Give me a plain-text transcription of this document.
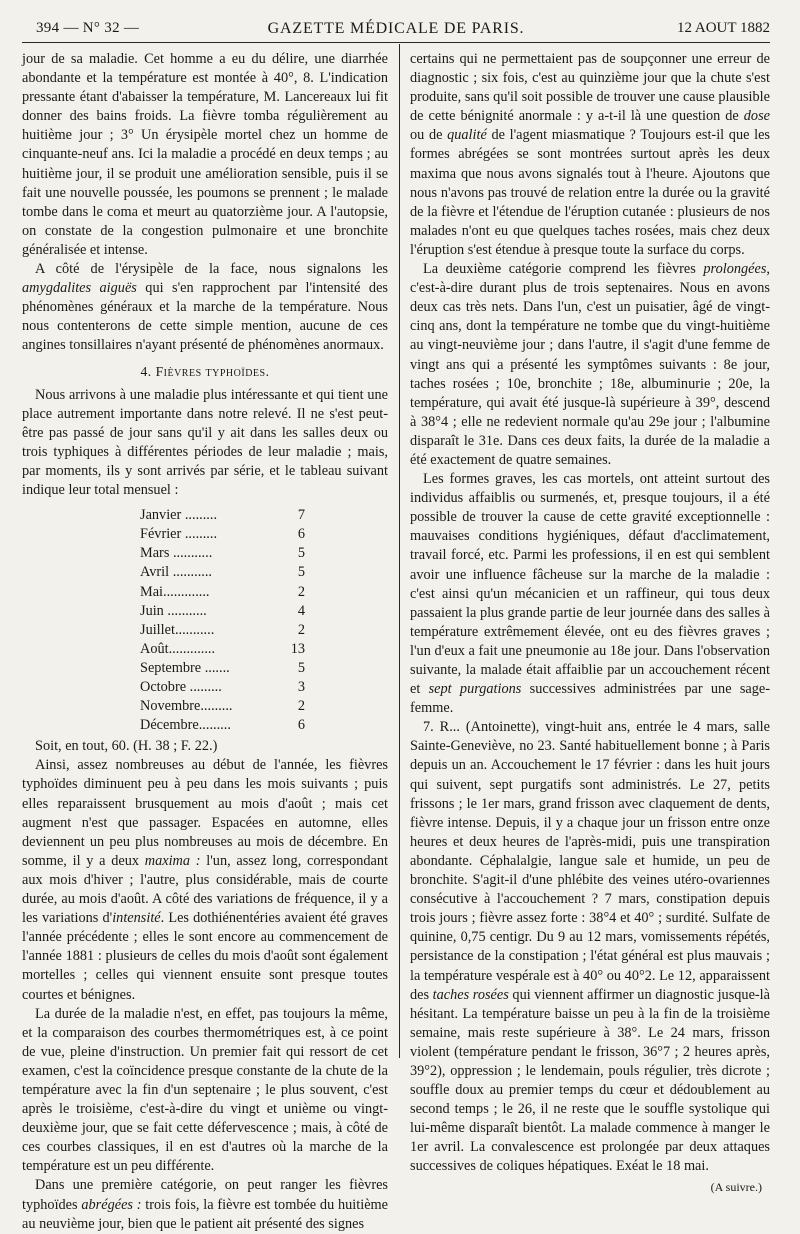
394 — N° 32 —	GAZETTE MÉDICALE DE PARIS.	12 AOUT 1882

jour de sa maladie. Cet homme a eu du délire, une diarrhée abondante et la température est montée à 40°, 8. L'indication pressante étant d'abaisser la température, M. Lancereaux lui fit donner des bains froids. La fièvre tomba régulièrement au huitième jour ; 3° Un érysipèle mortel chez un homme de cinquante-neuf ans. Ici la maladie a procédé en deux temps ; au huitième jour, il se produit une amélioration sensible, puis il se fait une nouvelle poussée, les poumons se prennent ; le malade tombe dans le coma et meurt au quatorzième jour. A l'autopsie, on constate de la congestion pulmonaire et une bronchite généralisée et intense.

A côté de l'érysipèle de la face, nous signalons les amygdalites aiguës qui s'en rapprochent par l'intensité des phénomènes généraux et la marche de la température. Nous nous contenterons de cette simple mention, aucune de ces angines tonsillaires n'ayant présenté de phénomènes anormaux.

4. Fièvres typhoïdes.

Nous arrivons à une maladie plus intéressante et qui tient une place autrement importante dans notre relevé. Il ne s'est peut-être pas passé de jour sans qu'il y ait dans les salles deux ou trois typhiques à différentes périodes de leur maladie ; mais, par moments, ils y sont arrivés par série, et le tableau suivant indique leur total mensuel :

Janvier .........	7
Février .........	6
Mars ...........	5
Avril ...........	5
Mai.............	2
Juin ...........	4
Juillet...........	2
Août.............	13
Septembre .......	5
Octobre .........	3
Novembre.........	2
Décembre.........	6

Soit, en tout, 60. (H. 38 ; F. 22.)

Ainsi, assez nombreuses au début de l'année, les fièvres typhoïdes diminuent peu à peu dans les mois suivants ; puis elles reparaissent brusquement au mois d'août ; mais cet augment n'est que passager. Espacées en automne, elles deviennent un peu plus nombreuses au mois de décembre. En somme, il y a deux maxima : l'un, assez long, correspondant aux mois d'hiver ; l'autre, plus considérable, mais de courte durée, au mois d'août. A côté des variations de fréquence, il y a les variations d'intensité. Les dothiénentéries avaient été graves l'année précédente ; elles le sont encore au commencement de l'année 1881 : plusieurs de celles du mois d'août sont également mortelles ; celles qui viennent ensuite sont presque toutes courtes et bénignes.

La durée de la maladie n'est, en effet, pas toujours la même, et la comparaison des courbes thermométriques est, à ce point de vue, pleine d'instruction. Un premier fait qui ressort de cet examen, c'est la coïncidence presque constante de la chute de la température avec la fin d'un septenaire ; le plus souvent, c'est après le troisième, c'est-à-dire du vingt et unième ou vingt-deuxième jour, que se fait cette défervescence ; mais, à côté de ces courbes classiques, il en est d'autres où la marche de la température est un peu différente.

Dans une première catégorie, on peut ranger les fièvres typhoïdes abrégées : trois fois, la fièvre est tombée du huitième au neuvième jour, bien que le patient ait présenté des signes

certains qui ne permettaient pas de soupçonner une erreur de diagnostic ; six fois, c'est au quinzième jour que la chute s'est produite, sans qu'il soit possible de trouver une cause plausible de cette bénignité anormale : y a-t-il là une question de dose ou de qualité de l'agent miasmatique ? Toujours est-il que les formes abrégées se sont montrées surtout après les deux maxima que nous avons signalés tout à l'heure. Ajoutons que nous n'avons pas trouvé de relation entre la durée ou la gravité de la fièvre et l'étendue de l'éruption cutanée : plusieurs de nos malades n'ont eu que quelques taches rosées, mais chez deux l'éruption s'est étendue à presque toute la surface du corps.

La deuxième catégorie comprend les fièvres prolongées, c'est-à-dire durant plus de trois septenaires. Nous en avons deux cas très nets. Dans l'un, c'est un puisatier, âgé de vingt-cinq ans, dont la température ne tombe que du vingt-huitième au vingt-neuvième jour ; dans l'autre, il s'agit d'une femme de vingt ans qui a présenté les symptômes suivants : 8e jour, taches rosées ; 10e, bronchite ; 18e, albuminurie ; 20e, la température, qui avait été jusque-là supérieure à 39°, descend à 38°4 ; elle ne redevient normale qu'au 29e jour ; l'albumine disparaît le 31e. Dans ces deux faits, la durée de la maladie a été exactement de quatre semaines.

Les formes graves, les cas mortels, ont atteint surtout des individus affaiblis ou surmenés, et, presque toujours, il a été possible de trouver la cause de cette gravité exceptionnelle : mauvaises conditions hygiéniques, défaut d'acclimatement, travail forcé, etc. Parmi les professions, il en est qui semblent avoir une influence fâcheuse sur la marche de la maladie : c'est ainsi qu'un mécanicien et un raffineur, qui tous deux passaient la plus grande partie de leur journée dans des salles à température extrêmement élevée, ont eu des fièvres graves ; l'un d'eux a fait une pneumonie au 18e jour. Dans l'observation suivante, la malade était affaiblie par un accouchement récent et sept purgations successives administrées par une sage-femme.

7. R... (Antoinette), vingt-huit ans, entrée le 4 mars, salle Sainte-Geneviève, no 23. Santé habituellement bonne ; à Paris depuis un an. Accouchement le 17 février : dans les huit jours qui suivent, sept purgatifs sont administrés. Le 27, petits frissons ; le 1er mars, grand frisson avec claquement de dents, fièvre intense. Depuis, il y a chaque jour un frisson entre onze heures et deux heures de l'après-midi, puis une transpiration abondante. Céphalalgie, langue sale et humide, un peu de bronchite. S'agit-il d'une phlébite des veines utéro-ovariennes consécutive à l'accouchement ? 7 mars, constipation depuis trois jours ; fièvre assez forte : 38°4 et 40° ; surdité. Sulfate de quinine, 0,75 centigr. Du 9 au 12 mars, vomissements répétés, persistance de la constipation ; l'état général est plus mauvais ; la température vespérale est à 40° ou 40°2. Le 12, apparaissent des taches rosées qui viennent affirmer un diagnostic jusque-là hésitant. La température baisse un peu à la fin de la troisième semaine, mais reste supérieure à 38°. Le 24 mars, frisson violent (température pendant le frisson, 36°7 ; 2 heures après, 39°2), oppression ; le lendemain, pouls régulier, très dicrote ; souffle doux au premier temps du cœur et dédoublement au second temps ; le 26, il ne reste que le souffle systolique qui lui-même disparaît bientôt. La malade commence à manger le 1er avril. La convalescence est prolongée par deux attaques successives de coliques hépatiques. Exéat le 18 mai.

(A suivre.)
